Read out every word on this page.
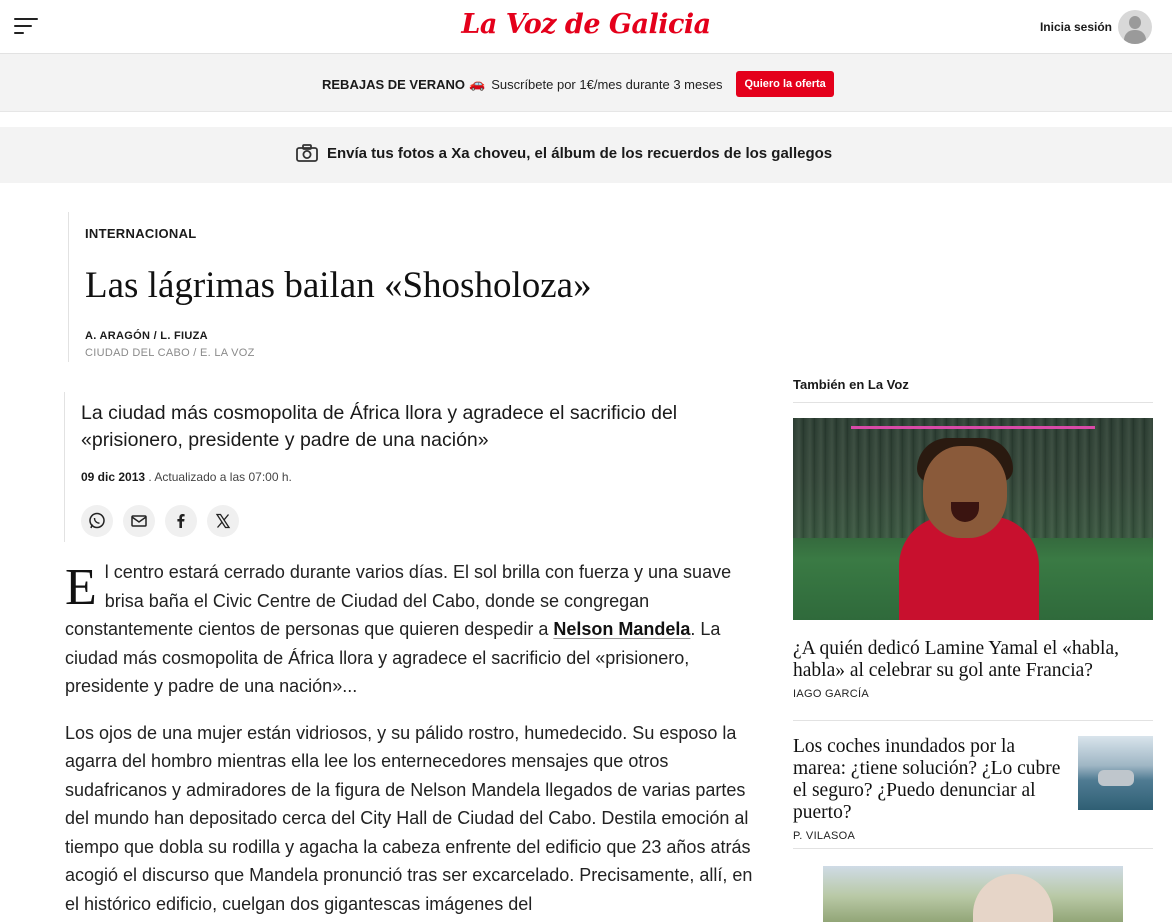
La Voz de Galicia	Inicia sesión
REBAJAS DE VERANO 🚗 Suscríbete por 1€/mes durante 3 meses	Quiero la oferta
Envía tus fotos a Xa choveu, el álbum de los recuerdos de los gallegos
INTERNACIONAL
Las lágrimas bailan «Shosholoza»
A. ARAGÓN / L. FIUZA
CIUDAD DEL CABO / E. LA VOZ
La ciudad más cosmopolita de África llora y agradece el sacrificio del «prisionero, presidente y padre de una nación»
09 dic 2013 . Actualizado a las 07:00 h.

El centro estará cerrado durante varios días. El sol brilla con fuerza y una suave brisa baña el Civic Centre de Ciudad del Cabo, donde se congregan constantemente cientos de personas que quieren despedir a Nelson Mandela. La ciudad más cosmopolita de África llora y agradece el sacrificio del «prisionero, presidente y padre de una nación»...

Los ojos de una mujer están vidriosos, y su pálido rostro, humedecido. Su esposo la agarra del hombro mientras ella lee los enternecedores mensajes que otros sudafricanos y admiradores de la figura de Nelson Mandela llegados de varias partes del mundo han depositado cerca del City Hall de Ciudad del Cabo. Destila emoción al tiempo que dobla su rodilla y agacha la cabeza enfrente del edificio que 23 años atrás acogió el discurso que Mandela pronunció tras ser excarcelado. Precisamente, allí, en el histórico edificio, cuelgan dos gigantescas imágenes del

También en La Voz
¿A quién dedicó Lamine Yamal el «habla, habla» al celebrar su gol ante Francia?
IAGO GARCÍA
Los coches inundados por la marea: ¿tiene solución? ¿Lo cubre el seguro? ¿Puedo denunciar al puerto?
P. VILASOA
